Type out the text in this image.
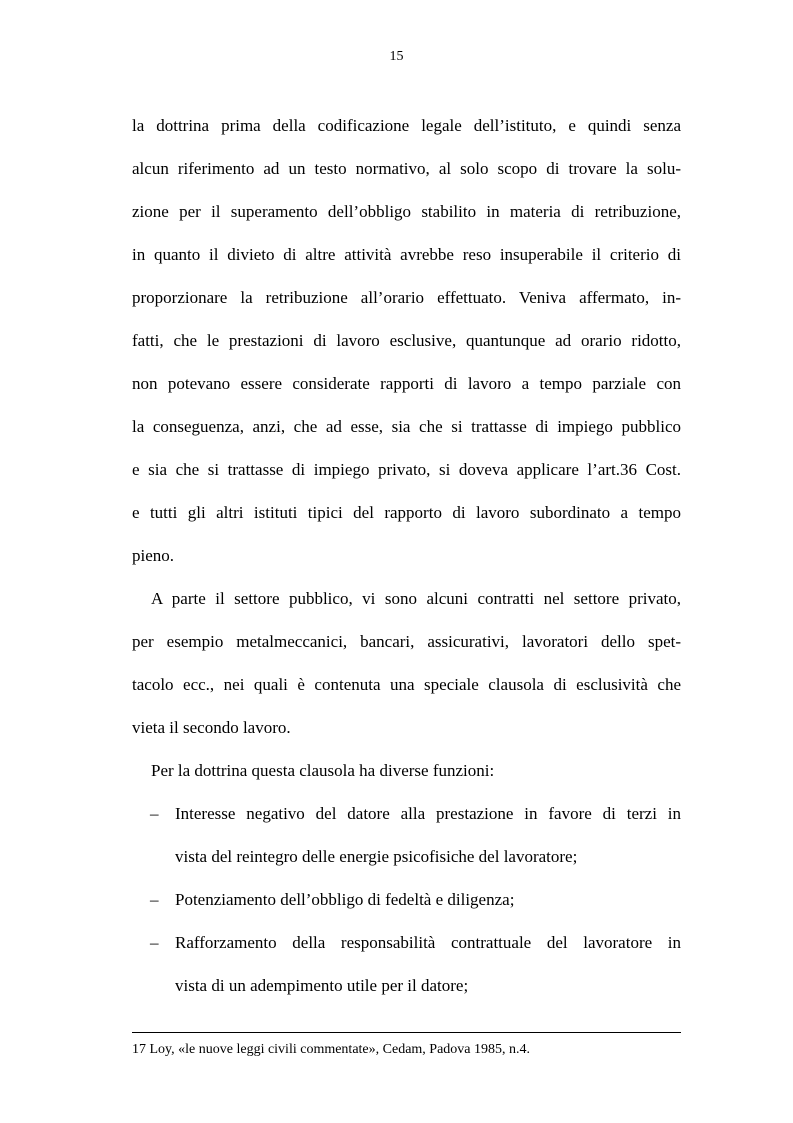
15
la dottrina prima della codificazione legale dell’istituto, e quindi senza
alcun riferimento ad un testo normativo, al solo scopo di trovare la solu-
zione per il superamento dell’obbligo stabilito in materia di retribuzione,
in quanto il divieto di altre attività avrebbe reso insuperabile il criterio di
proporzionare la retribuzione all’orario effettuato. Veniva affermato, in-
fatti, che le prestazioni di lavoro esclusive, quantunque ad orario ridotto,
non potevano essere considerate rapporti di lavoro a tempo parziale con
la conseguenza, anzi, che ad esse, sia che si trattasse di impiego pubblico
e sia che si trattasse di impiego privato, si doveva applicare l’art.36 Cost.
e tutti gli altri istituti tipici del rapporto di lavoro subordinato a tempo
pieno.
A parte il settore pubblico, vi sono alcuni contratti nel settore privato,
per esempio metalmeccanici, bancari, assicurativi, lavoratori dello spet-
tacolo ecc., nei quali è contenuta una speciale clausola di esclusività che
vieta il secondo lavoro.
Per la dottrina questa clausola ha diverse funzioni:
– Interesse negativo del datore alla prestazione in favore di terzi in
vista del reintegro delle energie psicofisiche del lavoratore;
– Potenziamento dell’obbligo di fedeltà e diligenza;
– Rafforzamento della responsabilità contrattuale del lavoratore in
vista di un adempimento utile per il datore;
17 Loy, «le nuove leggi civili commentate», Cedam, Padova 1985, n.4.
